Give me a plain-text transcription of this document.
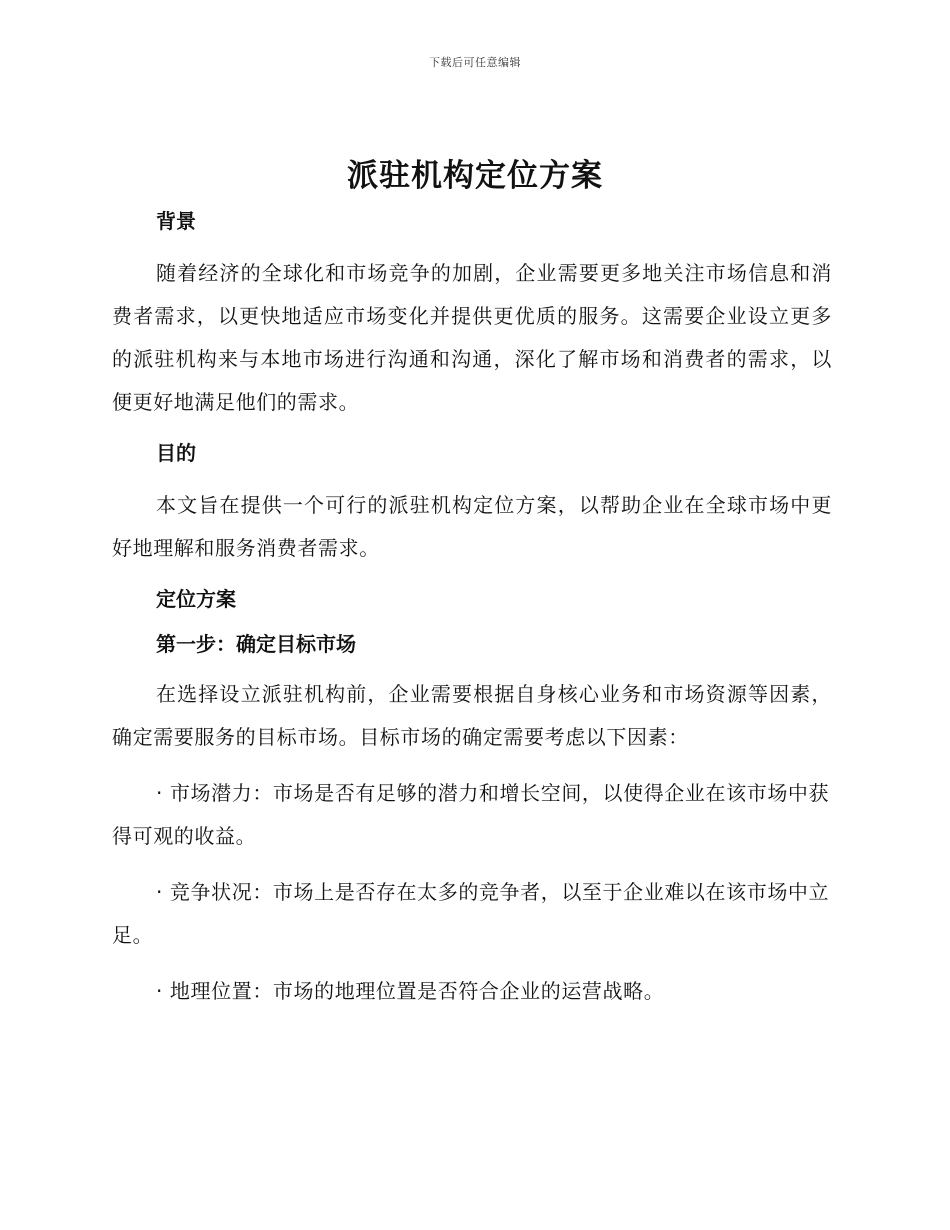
下载后可任意编辑
派驻机构定位方案

背景

随着经济的全球化和市场竞争的加剧，企业需要更多地关注市场信息和消费者需求，以更快地适应市场变化并提供更优质的服务。这需要企业设立更多的派驻机构来与本地市场进行沟通和沟通，深化了解市场和消费者的需求，以便更好地满足他们的需求。

目的

本文旨在提供一个可行的派驻机构定位方案，以帮助企业在全球市场中更好地理解和服务消费者需求。

定位方案

第一步：确定目标市场

在选择设立派驻机构前，企业需要根据自身核心业务和市场资源等因素，确定需要服务的目标市场。目标市场的确定需要考虑以下因素：

· 市场潜力：市场是否有足够的潜力和增长空间，以使得企业在该市场中获得可观的收益。

· 竞争状况：市场上是否存在太多的竞争者，以至于企业难以在该市场中立足。

· 地理位置：市场的地理位置是否符合企业的运营战略。
